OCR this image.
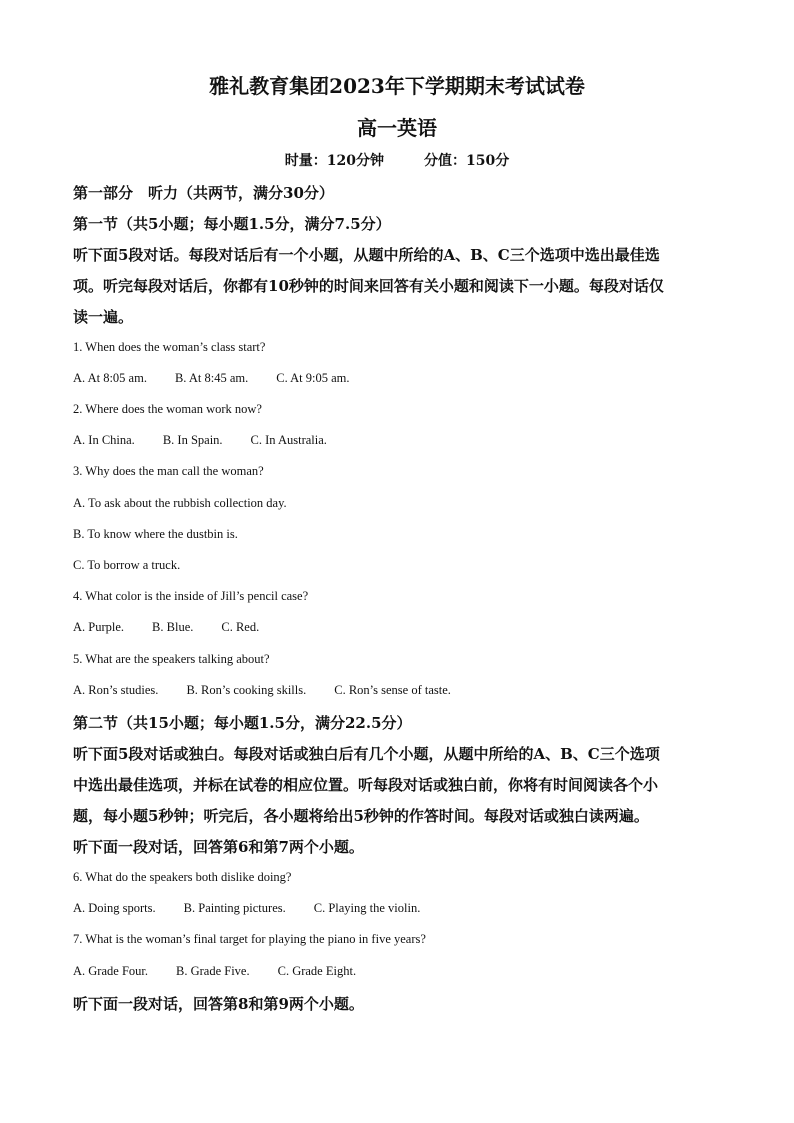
雅礼教育集团2023年下学期期末考试试卷
高一英语
时量：120分钟	分值：150分
第一部分　听力（共两节，满分30分）
第一节（共5小题；每小题1.5分，满分7.5分）
听下面5段对话。每段对话后有一个小题，从题中所给的A、B、C三个选项中选出最佳选
项。听完每段对话后，你都有10秒钟的时间来回答有关小题和阅读下一小题。每段对话仅
读一遍。
1. When does the woman’s class start?
A. At 8:05 am. B. At 8:45 am. C. At 9:05 am.
2. Where does the woman work now?
A. In China. B. In Spain. C. In Australia.
3. Why does the man call the woman?
A. To ask about the rubbish collection day.
B. To know where the dustbin is.
C. To borrow a truck.
4. What color is the inside of Jill’s pencil case?
A. Purple. B. Blue. C. Red.
5. What are the speakers talking about?
A. Ron’s studies. B. Ron’s cooking skills. C. Ron’s sense of taste.
第二节（共15小题；每小题1.5分，满分22.5分）
听下面5段对话或独白。每段对话或独白后有几个小题，从题中所给的A、B、C三个选项
中选出最佳选项，并标在试卷的相应位置。听每段对话或独白前，你将有时间阅读各个小
题，每小题5秒钟；听完后，各小题将给出5秒钟的作答时间。每段对话或独白读两遍。
听下面一段对话，回答第6和第7两个小题。
6. What do the speakers both dislike doing?
A. Doing sports. B. Painting pictures. C. Playing the violin.
7. What is the woman’s final target for playing the piano in five years?
A. Grade Four. B. Grade Five. C. Grade Eight.
听下面一段对话，回答第8和第9两个小题。
